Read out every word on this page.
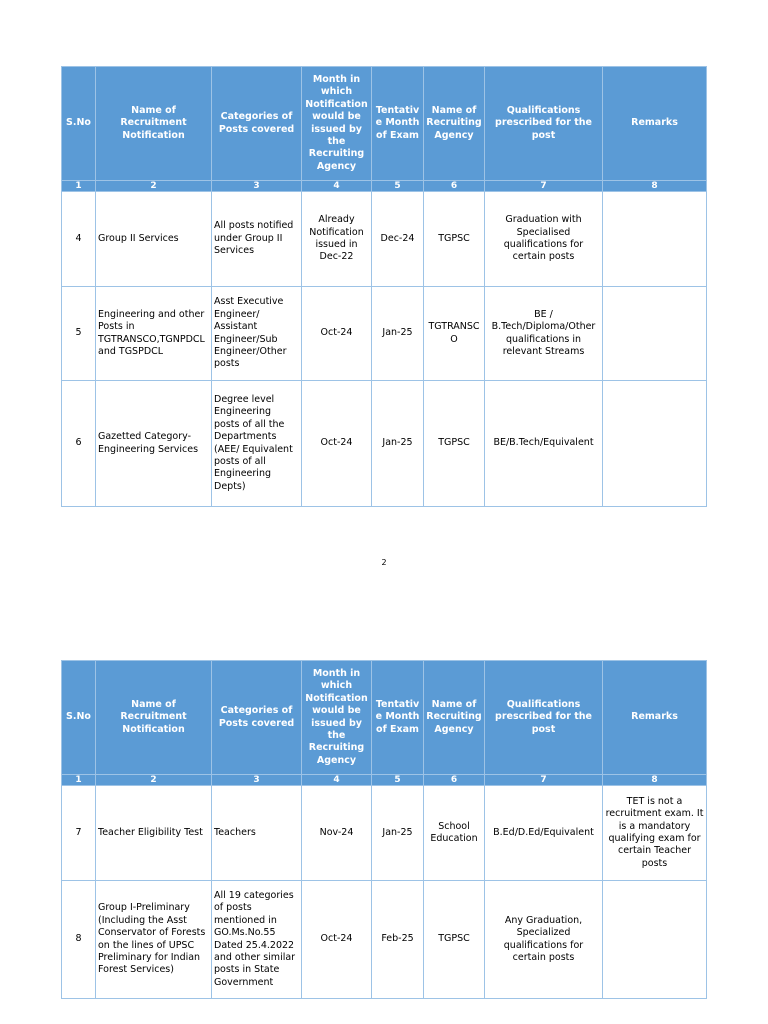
S.No	Name of Recruitment Notification	Categories of Posts covered	Month in which Notification would be issued by the Recruiting Agency	Tentative Month of Exam	Name of Recruiting Agency	Qualifications prescribed for the post	Remarks
1	2	3	4	5	6	7	8
4	Group II Services	All posts notified under Group II Services	Already Notification issued in Dec-22	Dec-24	TGPSC	Graduation with Specialised qualifications for certain posts	
5	Engineering and other Posts in TGTRANSCO,TGNPDCL and TGSPDCL	Asst Executive Engineer/ Assistant Engineer/Sub Engineer/Other posts	Oct-24	Jan-25	TGTRANSCO	BE / B.Tech/Diploma/Other qualifications in relevant Streams	
6	Gazetted Category-Engineering Services	Degree level Engineering posts of all the Departments (AEE/ Equivalent posts of all Engineering Depts)	Oct-24	Jan-25	TGPSC	BE/B.Tech/Equivalent	
2
S.No	Name of Recruitment Notification	Categories of Posts covered	Month in which Notification would be issued by the Recruiting Agency	Tentative Month of Exam	Name of Recruiting Agency	Qualifications prescribed for the post	Remarks
1	2	3	4	5	6	7	8
7	Teacher Eligibility Test	Teachers	Nov-24	Jan-25	School Education	B.Ed/D.Ed/Equivalent	TET is not a recruitment exam. It is a mandatory qualifying exam for certain Teacher posts
8	Group I-Preliminary (Including the Asst Conservator of Forests on the lines of UPSC Preliminary for Indian Forest Services)	All 19 categories of posts mentioned in GO.Ms.No.55 Dated 25.4.2022 and other similar posts in State Government	Oct-24	Feb-25	TGPSC	Any Graduation, Specialized qualifications for certain posts	
